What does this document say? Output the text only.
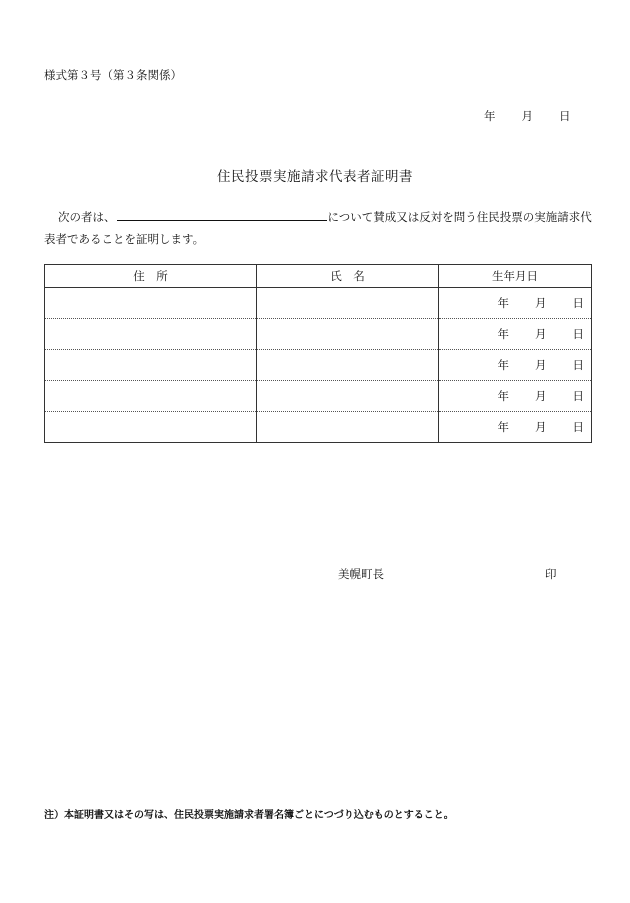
様式第３号（第３条関係）
年 月 日
住民投票実施請求代表者証明書
次の者は、	について賛成又は反対を問う住民投票の実施請求代表者であることを証明します。
住　所	氏　名	生年月日
		年 月 日
		年 月 日
		年 月 日
		年 月 日
		年 月 日
美幌町長	印
注）本証明書又はその写は、住民投票実施請求者署名簿ごとにつづり込むものとすること。
